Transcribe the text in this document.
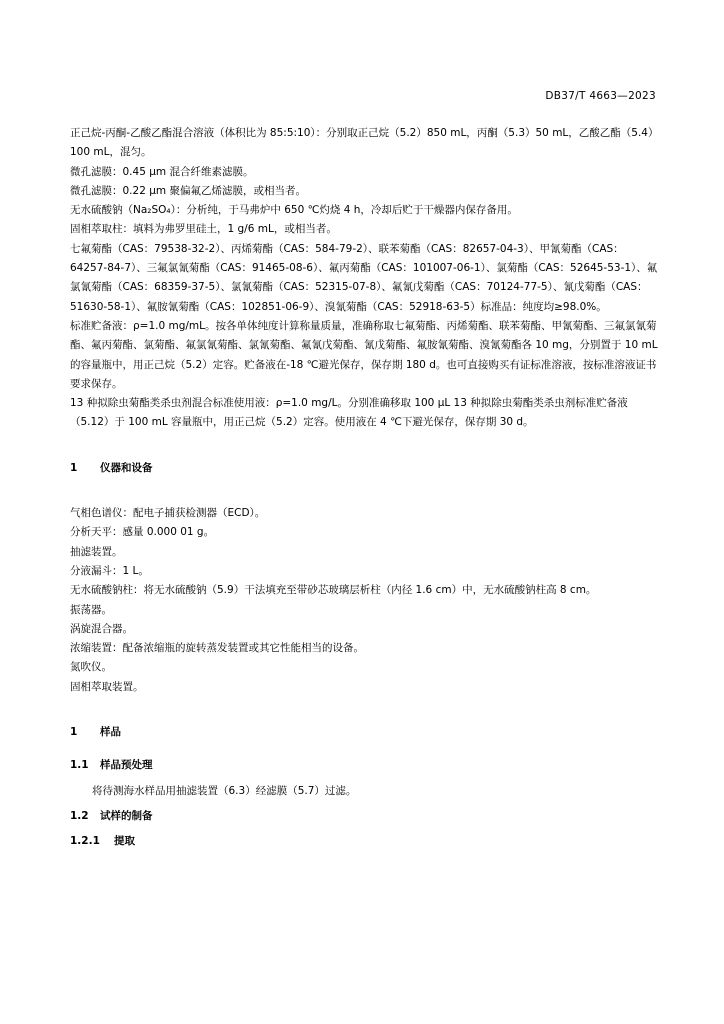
DB37/T 4663—2023

正己烷-丙酮-乙酸乙酯混合溶液（体积比为 85:5:10）：分别取正己烷（5.2）850 mL，丙酮（5.3）50 mL，乙酸乙酯（5.4）100 mL，混匀。

微孔滤膜：0.45 μm 混合纤维素滤膜。

微孔滤膜：0.22 μm 聚偏氟乙烯滤膜，或相当者。

无水硫酸钠（Na₂SO₄）：分析纯，于马弗炉中 650 ℃灼烧 4 h，冷却后贮于干燥器内保存备用。

固相萃取柱：填料为弗罗里硅土，1 g/6 mL，或相当者。

七氟菊酯（CAS：79538-32-2）、丙烯菊酯（CAS：584-79-2）、联苯菊酯（CAS：82657-04-3）、甲氰菊酯（CAS：64257-84-7）、三氟氯氰菊酯（CAS：91465-08-6）、氟丙菊酯（CAS：101007-06-1）、氯菊酯（CAS：52645-53-1）、氟氯氰菊酯（CAS：68359-37-5）、氯氰菊酯（CAS：52315-07-8）、氟氰戊菊酯（CAS：70124-77-5）、氰戊菊酯（CAS：51630-58-1）、氟胺氰菊酯（CAS：102851-06-9）、溴氰菊酯（CAS：52918-63-5）标准品：纯度均≥98.0%。

标准贮备液：ρ=1.0 mg/mL。按各单体纯度计算称量质量，准确称取七氟菊酯、丙烯菊酯、联苯菊酯、甲氰菊酯、三氟氯氰菊酯、氟丙菊酯、氯菊酯、氟氯氰菊酯、氯氰菊酯、氟氰戊菊酯、氰戊菊酯、氟胺氰菊酯、溴氰菊酯各 10 mg，分别置于 10 mL 的容量瓶中，用正己烷（5.2）定容。贮备液在-18 ℃避光保存，保存期 180 d。也可直接购买有证标准溶液，按标准溶液证书要求保存。

13 种拟除虫菊酯类杀虫剂混合标准使用液：ρ=1.0 mg/L。分别准确移取 100 μL 13 种拟除虫菊酯类杀虫剂标准贮备液（5.12）于 100 mL 容量瓶中，用正己烷（5.2）定容。使用液在 4 ℃下避光保存，保存期 30 d。

1 仪器和设备

气相色谱仪：配电子捕获检测器（ECD）。

分析天平：感量 0.000 01 g。

抽滤装置。

分液漏斗：1 L。

无水硫酸钠柱：将无水硫酸钠（5.9）干法填充至带砂芯玻璃层析柱（内径 1.6 cm）中，无水硫酸钠柱高 8 cm。

振荡器。

涡旋混合器。

浓缩装置：配备浓缩瓶的旋转蒸发装置或其它性能相当的设备。

氮吹仪。

固相萃取装置。

1 样品

1.1 样品预处理

将待测海水样品用抽滤装置（6.3）经滤膜（5.7）过滤。

1.2 试样的制备

1.2.1 提取
